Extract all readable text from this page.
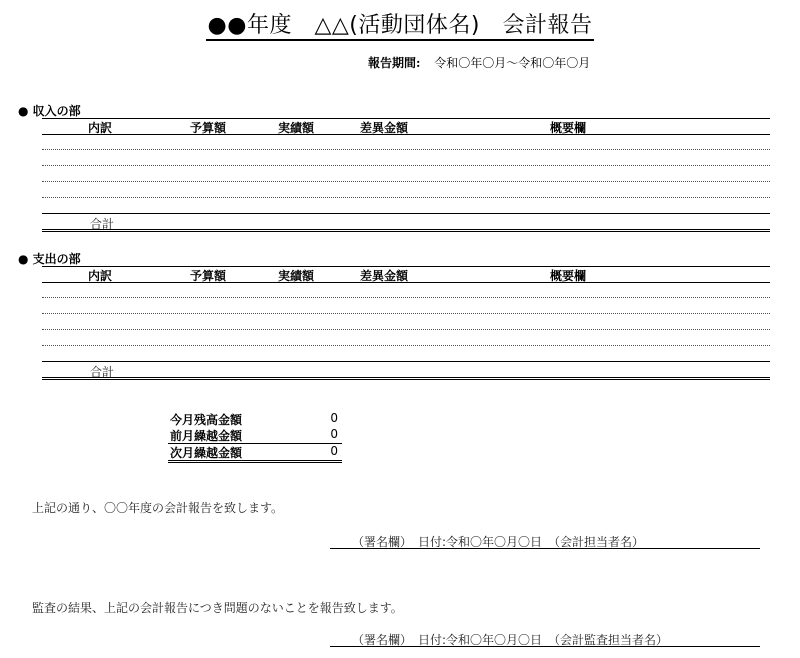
●●年度　△△(活動団体名)　会計報告
報告期間: 令和〇年〇月～令和〇年〇月
● 収入の部
内訳	予算額	実績額	差異金額	概要欄
合計
● 支出の部
内訳	予算額	実績額	差異金額	概要欄
合計
今月残高金額	0
前月繰越金額	0
次月繰越金額	0
上記の通り、〇〇年度の会計報告を致します。
（署名欄）　日付:令和〇年〇月〇日　（会計担当者名）
監査の結果、上記の会計報告につき問題のないことを報告致します。
（署名欄）　日付:令和〇年〇月〇日　（会計監査担当者名）
